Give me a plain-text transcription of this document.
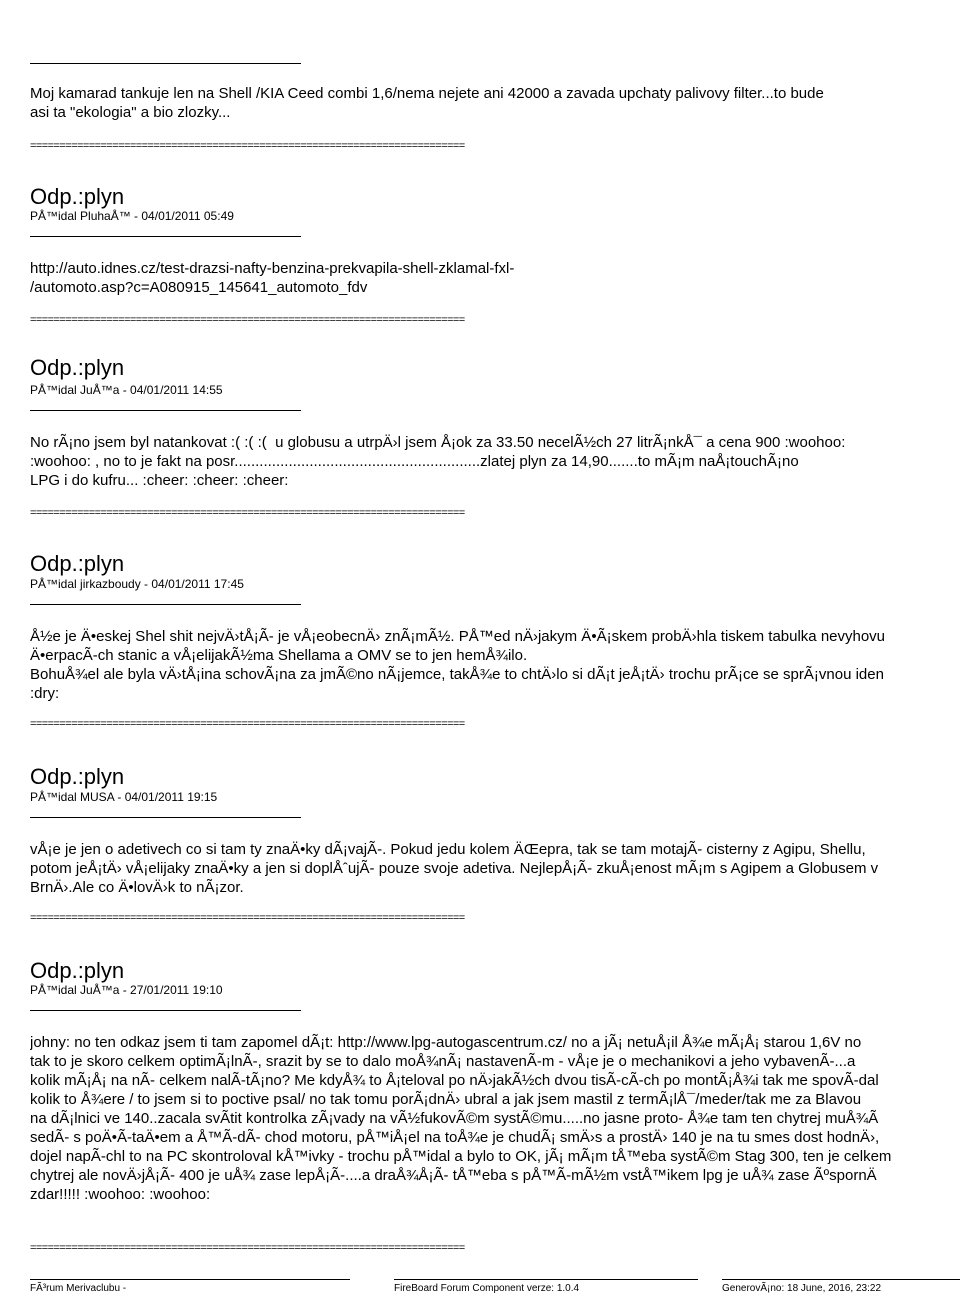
Moj kamarad tankuje len na Shell /KIA Ceed combi 1,6/nema nejete ani 42000 a zavada upchaty palivovy filter...to bude
asi ta "ekologia" a bio zlozky...
==========================================================================
Odp.:plyn
PÅ™idal PluhaÅ™ - 04/01/2011 05:49
http://auto.idnes.cz/test-drazsi-nafty-benzina-prekvapila-shell-zklamal-fxl-
/automoto.asp?c=A080915_145641_automoto_fdv
==========================================================================
Odp.:plyn
PÅ™idal JuÅ™a - 04/01/2011 14:55
No rÃ¡no jsem byl natankovat :( :( :(  u globusu a utrpÄ›l jsem Å¡ok za 33.50 necelÃ½ch 27 litrÃ¡nkÅ¯ a cena 900 :woohoo:
:woohoo: , no to je fakt na posr...........................................................zlatej plyn za 14,90.......to mÃ¡m naÅ¡touchÃ¡no
LPG i do kufru... :cheer: :cheer: :cheer:
==========================================================================
Odp.:plyn
PÅ™idal jirkazboudy - 04/01/2011 17:45
Å½e je Ä•eskej Shel shit nejvÄ›tÅ¡Ã- je vÅ¡eobecnÄ› znÃ¡mÃ½. PÅ™ed nÄ›jakym Ä•Ã¡skem probÄ›hla tiskem tabulka nevyhovu
Ä•erpacÃ-ch stanic a vÅ¡elijakÃ½ma Shellama a OMV se to jen hemÅ¾ilo.
BohuÅ¾el ale byla vÄ›tÅ¡ina schovÃ¡na za jmÃ©no nÃ¡jemce, takÅ¾e to chtÄ›lo si dÃ¡t jeÅ¡tÄ› trochu prÃ¡ce se sprÃ¡vnou iden
:dry:
==========================================================================
Odp.:plyn
PÅ™idal MUSA - 04/01/2011 19:15
vÅ¡e je jen o adetivech co si tam ty znaÄ•ky dÃ¡vajÃ-. Pokud jedu kolem ÄŒepra, tak se tam motajÃ- cisterny z Agipu, Shellu,
potom jeÅ¡tÄ› vÅ¡elijaky znaÄ•ky a jen si doplÅˆujÃ- pouze svoje adetiva. NejlepÅ¡Ã- zkuÅ¡enost mÃ¡m s Agipem a Globusem v
BrnÄ›.Ale co Ä•lovÄ›k to nÃ¡zor.
==========================================================================
Odp.:plyn
PÅ™idal JuÅ™a - 27/01/2011 19:10
johny: no ten odkaz jsem ti tam zapomel dÃ¡t: http://www.lpg-autogascentrum.cz/ no a jÃ¡ netuÅ¡il Å¾e mÃ¡Å¡ starou 1,6V no
tak to je skoro celkem optimÃ¡lnÃ-, srazit by se to dalo moÅ¾nÃ¡ nastavenÃ-m - vÅ¡e je o mechanikovi a jeho vybavenÃ-...a
kolik mÃ¡Å¡ na nÃ- celkem nalÃ-tÃ¡no? Me kdyÅ¾ to Å¡teloval po nÄ›jakÃ½ch dvou tisÃ-cÃ-ch po montÃ¡Å¾i tak me spovÃ-dal
kolik to Å¾ere / to jsem si to poctive psal/ no tak tomu porÃ¡dnÄ› ubral a jak jsem mastil z termÃ¡lÅ¯/meder/tak me za Blavou
na dÃ¡lnici ve 140..zacala svÃtit kontrolka zÃ¡vady na vÃ½fukovÃ©m systÃ©mu.....no jasne proto- Å¾e tam ten chytrej muÅ¾Ã
sedÃ- s poÄ•Ã-taÄ•em a Å™Ã-dÃ- chod motoru, pÅ™iÅ¡el na toÅ¾e je chudÃ¡ smÄ›s a prostÄ› 140 je na tu smes dost hodnÄ›,
dojel napÃ-chl to na PC skontroloval kÅ™ivky - trochu pÅ™idal a bylo to OK, jÃ¡ mÃ¡m tÅ™eba systÃ©m Stag 300, ten je celkem
chytrej ale novÄ›jÅ¡Ã- 400 je uÅ¾ zase lepÅ¡Ã-....a draÅ¾Å¡Ã- tÅ™eba s pÅ™Ã-mÃ½m vstÅ™ikem lpg je uÅ¾ zase ÃºspornÄ
zdar!!!!! :woohoo: :woohoo:
==========================================================================
FÃ³rum Merivaclubu -	FireBoard Forum Component verze: 1.0.4	GenerovÃ¡no: 18 June, 2016, 23:22
